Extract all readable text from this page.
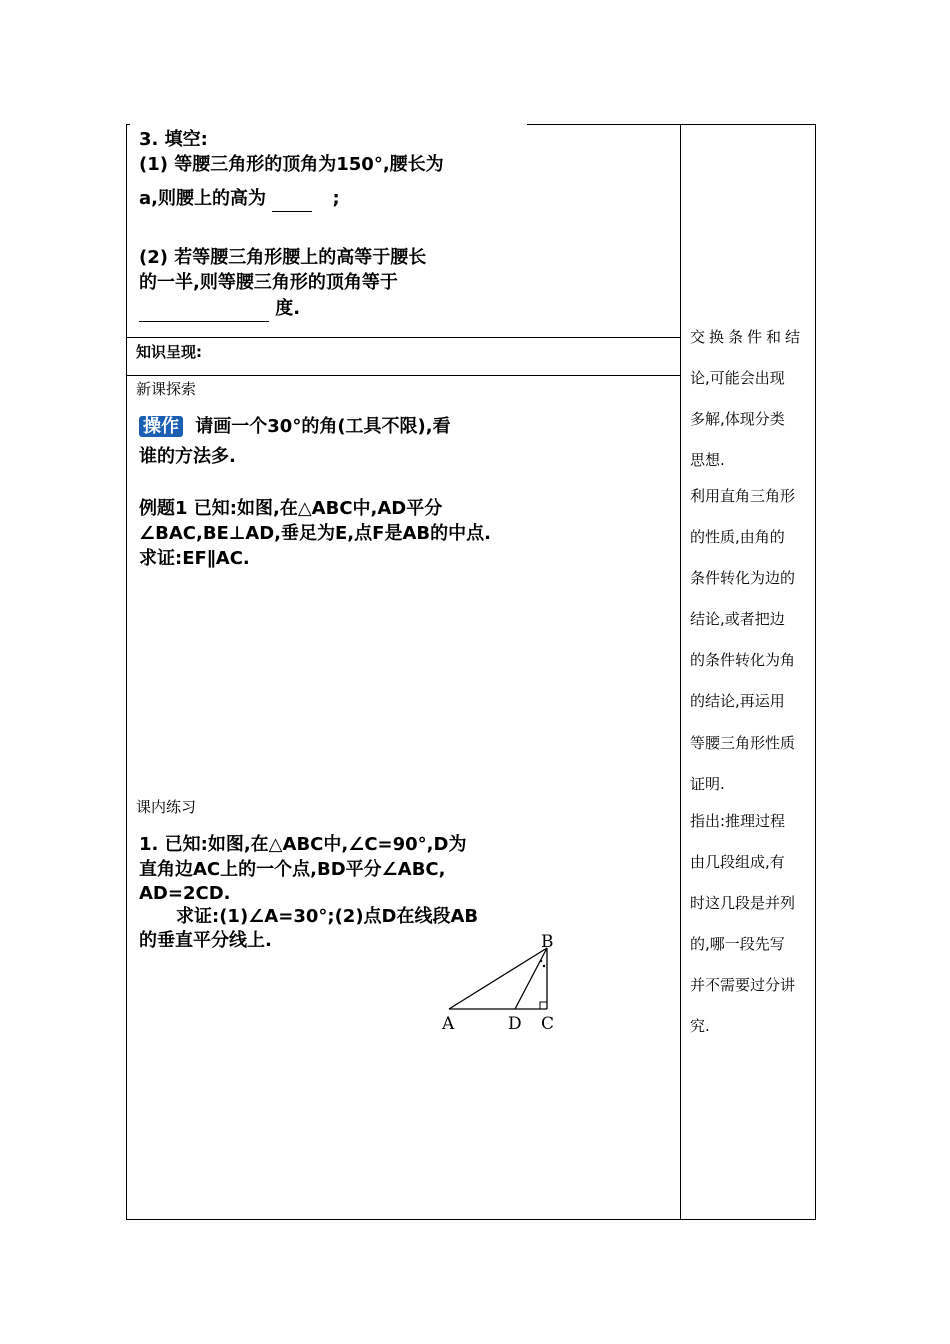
3. 填空:
(1) 等腰三角形的顶角为150°,腰长为
a,则腰上的高为	;
(2) 若等腰三角形腰上的高等于腰长
的一半,则等腰三角形的顶角等于
度.
知识呈现:
新课探索
操作 请画一个30°的角(工具不限),看
谁的方法多.
例题1 已知:如图,在△ABC中,AD平分
∠BAC,BE⊥AD,垂足为E,点F是AB的中点.
求证:EF∥AC.
课内练习
1. 已知:如图,在△ABC中,∠C=90°,D为
直角边AC上的一个点,BD平分∠ABC,
AD=2CD.
求证:(1)∠A=30°;(2)点D在线段AB
的垂直平分线上.	B
A	D C
交换条件和结
论,可能会出现
多解,体现分类
思想.
利用直角三角形
的性质,由角的
条件转化为边的
结论,或者把边
的条件转化为角
的结论,再运用
等腰三角形性质
证明.
指出:推理过程
由几段组成,有
时这几段是并列
的,哪一段先写
并不需要过分讲
究.
